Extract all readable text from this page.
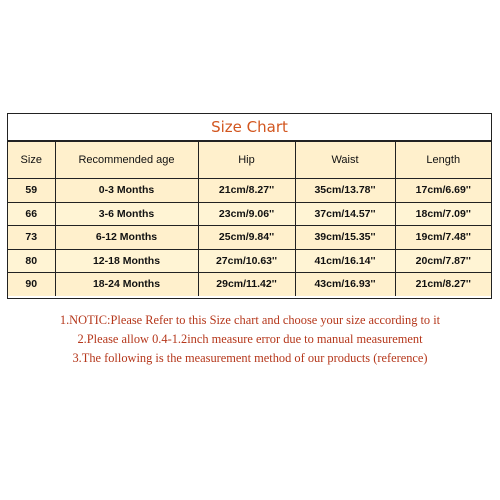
Size Chart
Size	Recommended age	Hip	Waist	Length
59	0-3 Months	21cm/8.27''	35cm/13.78''	17cm/6.69''
66	3-6 Months	23cm/9.06''	37cm/14.57''	18cm/7.09''
73	6-12 Months	25cm/9.84''	39cm/15.35''	19cm/7.48''
80	12-18 Months	27cm/10.63''	41cm/16.14''	20cm/7.87''
90	18-24 Months	29cm/11.42''	43cm/16.93''	21cm/8.27''
1.NOTIC:Please Refer to this Size chart and choose your size according to it
2.Please allow 0.4-1.2inch measure error due to manual measurement
3.The following is the measurement method of our products (reference)
